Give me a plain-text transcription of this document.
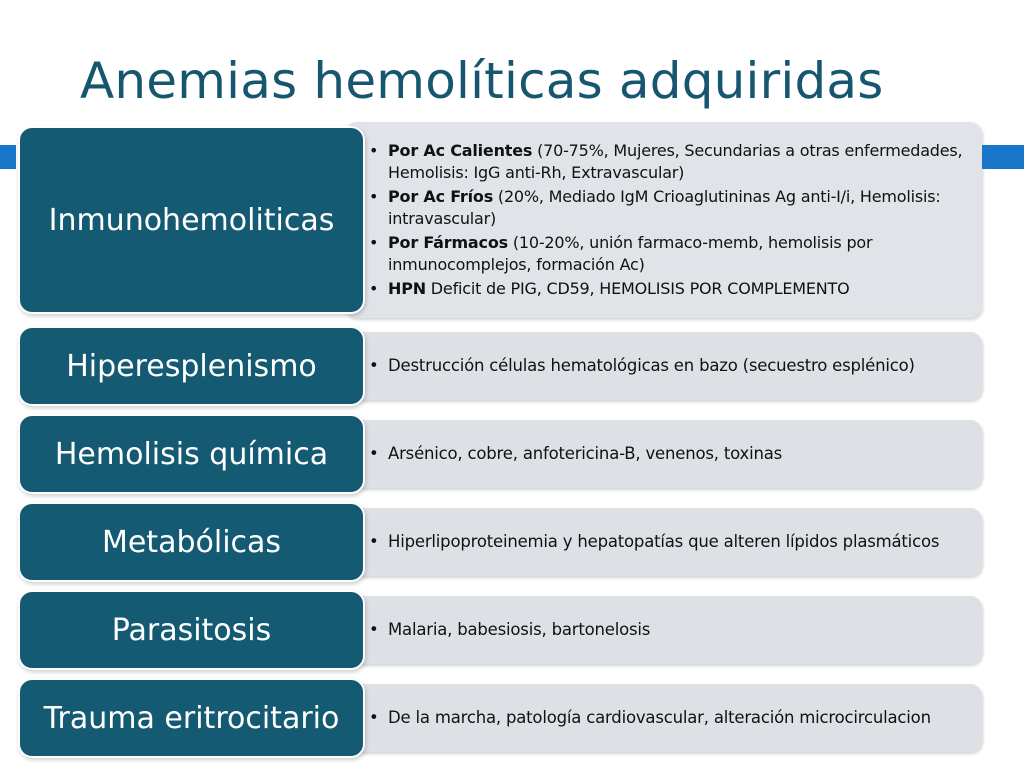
Anemias hemolíticas adquiridas
• Por Ac Calientes (70-75%, Mujeres, Secundarias a otras enfermedades, Hemolisis: IgG anti-Rh, Extravascular)
• Por Ac Fríos (20%, Mediado IgM Crioaglutininas Ag anti-I/i, Hemolisis: intravascular)
• Por Fármacos (10-20%, unión farmaco-memb, hemolisis por inmunocomplejos, formación Ac)
• HPN Deficit de PIG, CD59, HEMOLISIS POR COMPLEMENTO
Inmunohemoliticas
• Destrucción células hematológicas en bazo (secuestro esplénico)
Hiperesplenismo
• Arsénico, cobre, anfotericina-B, venenos, toxinas
Hemolisis química
• Hiperlipoproteinemia y hepatopatías que alteren lípidos plasmáticos
Metabólicas
• Malaria, babesiosis, bartonelosis
Parasitosis
• De la marcha, patología cardiovascular, alteración microcirculacion
Trauma eritrocitario
